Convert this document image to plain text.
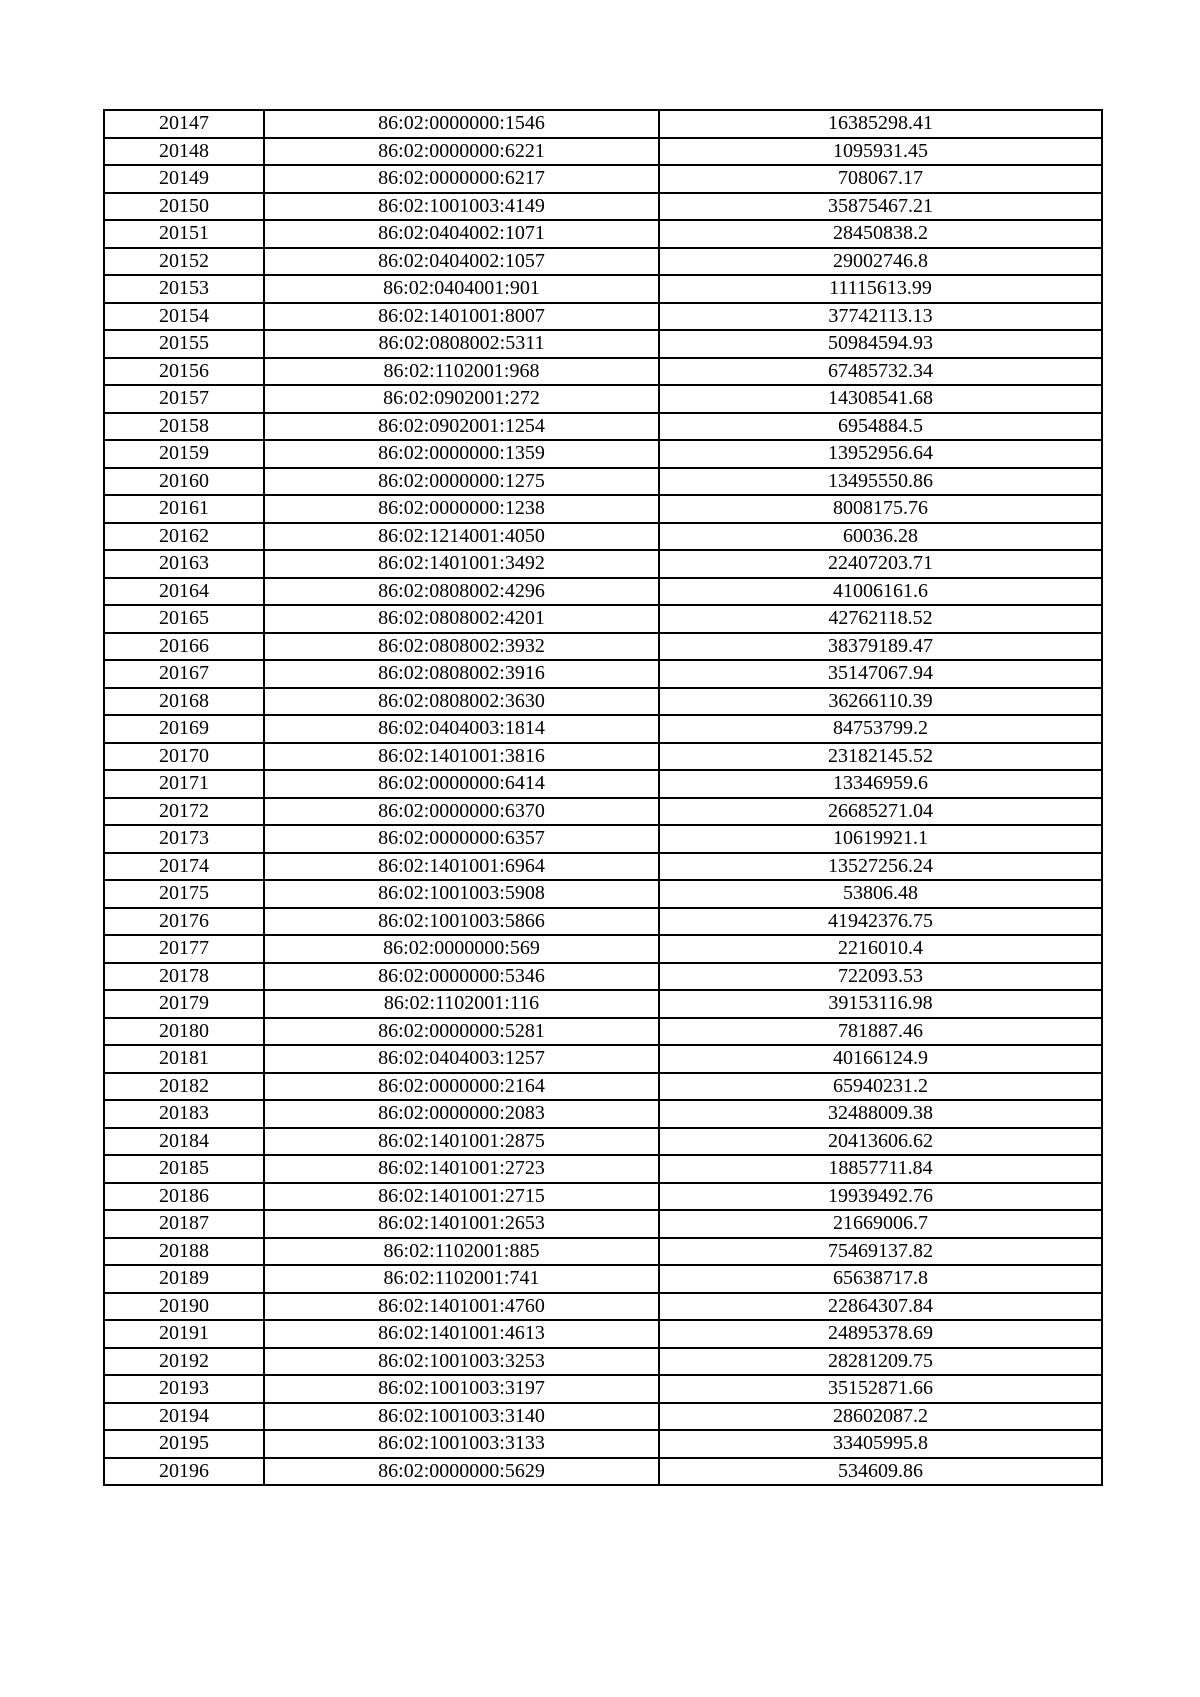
20147	86:02:0000000:1546	16385298.41
20148	86:02:0000000:6221	1095931.45
20149	86:02:0000000:6217	708067.17
20150	86:02:1001003:4149	35875467.21
20151	86:02:0404002:1071	28450838.2
20152	86:02:0404002:1057	29002746.8
20153	86:02:0404001:901	11115613.99
20154	86:02:1401001:8007	37742113.13
20155	86:02:0808002:5311	50984594.93
20156	86:02:1102001:968	67485732.34
20157	86:02:0902001:272	14308541.68
20158	86:02:0902001:1254	6954884.5
20159	86:02:0000000:1359	13952956.64
20160	86:02:0000000:1275	13495550.86
20161	86:02:0000000:1238	8008175.76
20162	86:02:1214001:4050	60036.28
20163	86:02:1401001:3492	22407203.71
20164	86:02:0808002:4296	41006161.6
20165	86:02:0808002:4201	42762118.52
20166	86:02:0808002:3932	38379189.47
20167	86:02:0808002:3916	35147067.94
20168	86:02:0808002:3630	36266110.39
20169	86:02:0404003:1814	84753799.2
20170	86:02:1401001:3816	23182145.52
20171	86:02:0000000:6414	13346959.6
20172	86:02:0000000:6370	26685271.04
20173	86:02:0000000:6357	10619921.1
20174	86:02:1401001:6964	13527256.24
20175	86:02:1001003:5908	53806.48
20176	86:02:1001003:5866	41942376.75
20177	86:02:0000000:569	2216010.4
20178	86:02:0000000:5346	722093.53
20179	86:02:1102001:116	39153116.98
20180	86:02:0000000:5281	781887.46
20181	86:02:0404003:1257	40166124.9
20182	86:02:0000000:2164	65940231.2
20183	86:02:0000000:2083	32488009.38
20184	86:02:1401001:2875	20413606.62
20185	86:02:1401001:2723	18857711.84
20186	86:02:1401001:2715	19939492.76
20187	86:02:1401001:2653	21669006.7
20188	86:02:1102001:885	75469137.82
20189	86:02:1102001:741	65638717.8
20190	86:02:1401001:4760	22864307.84
20191	86:02:1401001:4613	24895378.69
20192	86:02:1001003:3253	28281209.75
20193	86:02:1001003:3197	35152871.66
20194	86:02:1001003:3140	28602087.2
20195	86:02:1001003:3133	33405995.8
20196	86:02:0000000:5629	534609.86
